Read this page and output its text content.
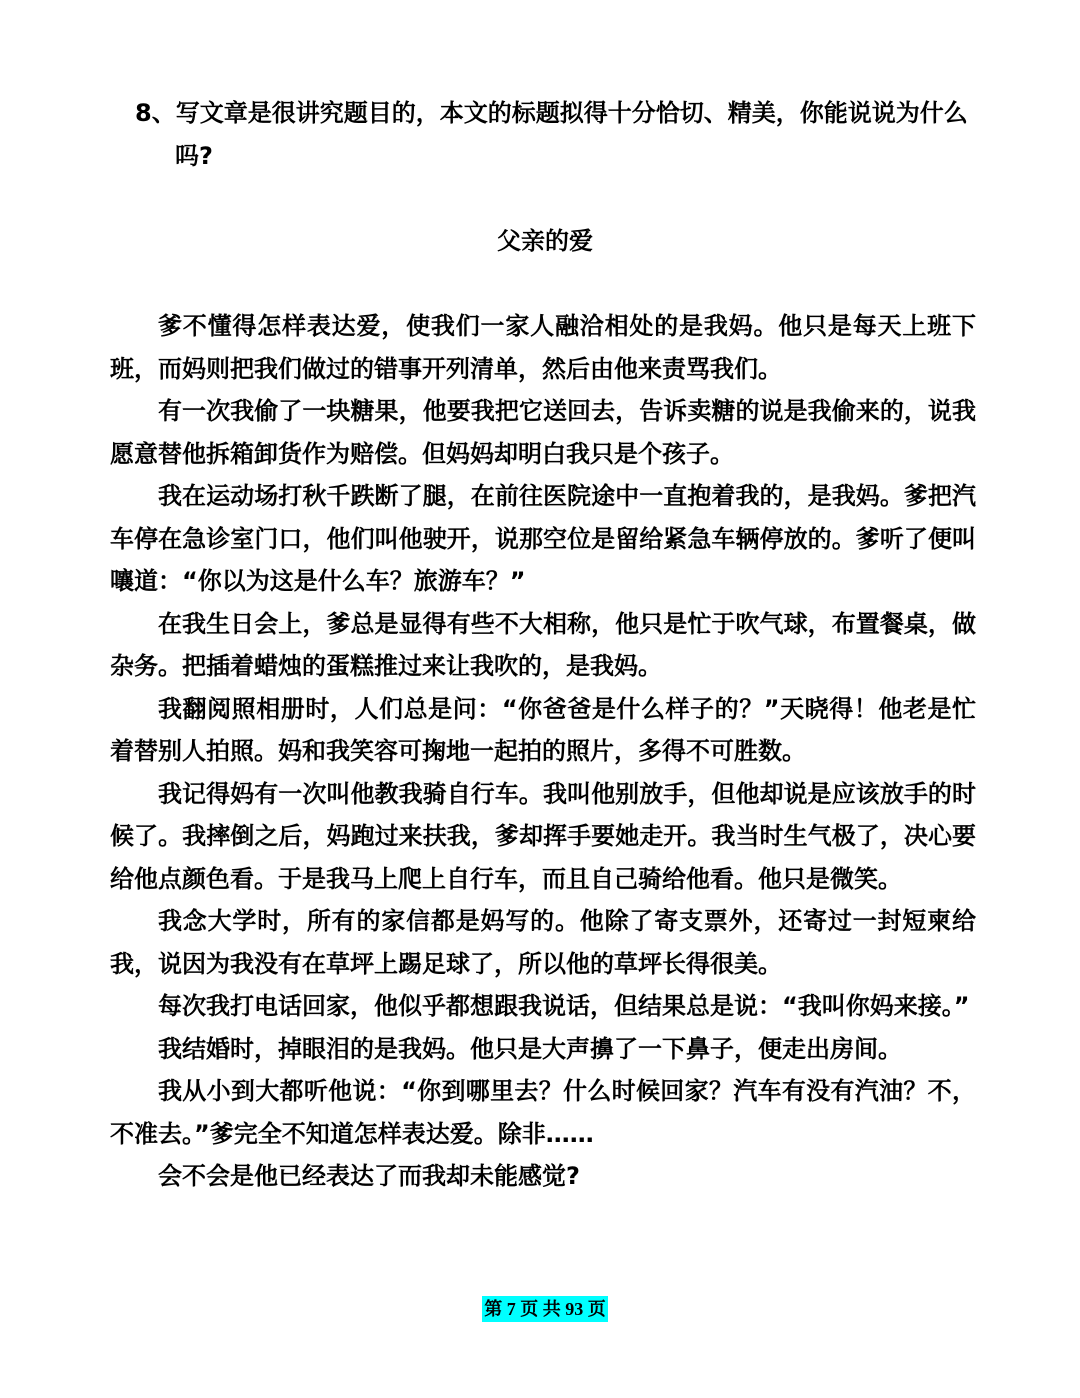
8、写文章是很讲究题目的，本文的标题拟得十分恰切、精美，你能说说为什么吗?

父亲的爱

爹不懂得怎样表达爱，使我们一家人融洽相处的是我妈。他只是每天上班下班，而妈则把我们做过的错事开列清单，然后由他来责骂我们。

有一次我偷了一块糖果，他要我把它送回去，告诉卖糖的说是我偷来的，说我愿意替他拆箱卸货作为赔偿。但妈妈却明白我只是个孩子。

我在运动场打秋千跌断了腿，在前往医院途中一直抱着我的，是我妈。爹把汽车停在急诊室门口，他们叫他驶开，说那空位是留给紧急车辆停放的。爹听了便叫嚷道：“你以为这是什么车？旅游车？”

在我生日会上，爹总是显得有些不大相称，他只是忙于吹气球，布置餐桌，做杂务。把插着蜡烛的蛋糕推过来让我吹的，是我妈。

我翻阅照相册时，人们总是问：“你爸爸是什么样子的？”天晓得！他老是忙着替别人拍照。妈和我笑容可掬地一起拍的照片，多得不可胜数。

我记得妈有一次叫他教我骑自行车。我叫他别放手，但他却说是应该放手的时候了。我摔倒之后，妈跑过来扶我，爹却挥手要她走开。我当时生气极了，决心要给他点颜色看。于是我马上爬上自行车，而且自己骑给他看。他只是微笑。

我念大学时，所有的家信都是妈写的。他除了寄支票外，还寄过一封短柬给我，说因为我没有在草坪上踢足球了，所以他的草坪长得很美。

每次我打电话回家，他似乎都想跟我说话，但结果总是说：“我叫你妈来接。”

我结婚时，掉眼泪的是我妈。他只是大声擤了一下鼻子，便走出房间。

我从小到大都听他说：“你到哪里去？什么时候回家？汽车有没有汽油？不，不准去。”爹完全不知道怎样表达爱。除非……

会不会是他已经表达了而我却未能感觉?

第 7 页 共 93 页
